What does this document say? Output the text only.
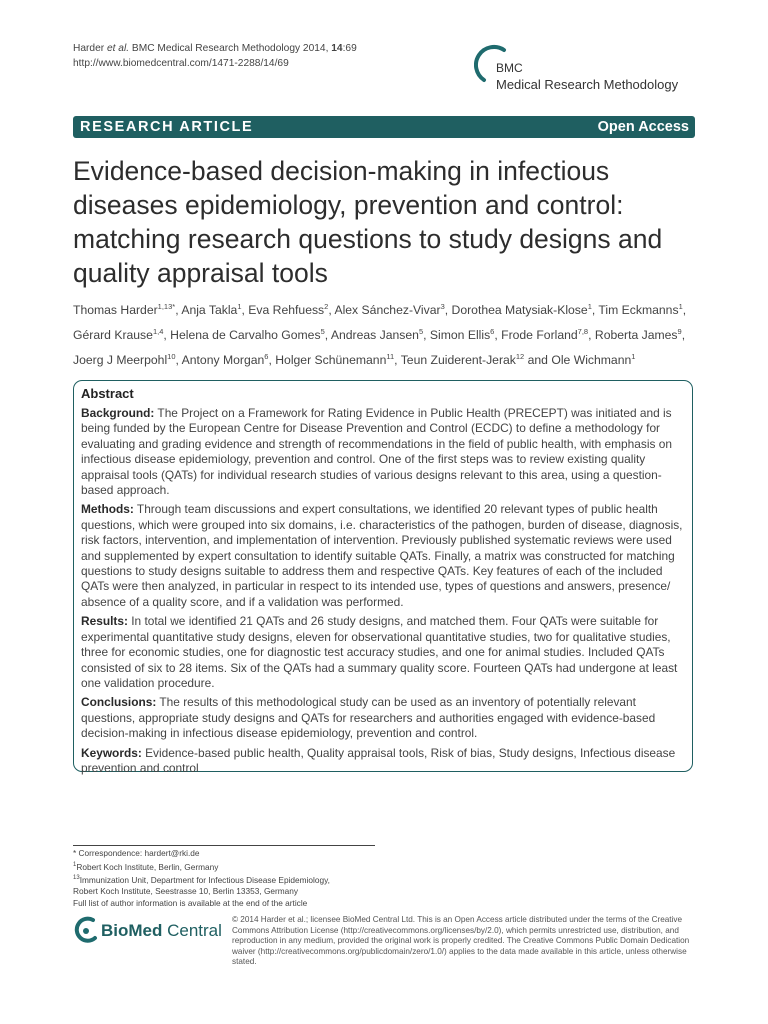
Harder et al. BMC Medical Research Methodology 2014, 14:69
http://www.biomedcentral.com/1471-2288/14/69	BMC
Medical Research Methodology
RESEARCH ARTICLE	Open Access
Evidence-based decision-making in infectious diseases epidemiology, prevention and control: matching research questions to study designs and quality appraisal tools
Thomas Harder$^{1,13*}$, Anja Takla$^1$, Eva Rehfuess$^2$, Alex Sánchez-Vivar$^3$, Dorothea Matysiak-Klose$^1$, Tim Eckmanns$^1$, Gérard Krause$^{1,4}$, Helena de Carvalho Gomes$^5$, Andreas Jansen$^5$, Simon Ellis$^6$, Frode Forland$^{7,8}$, Roberta James$^9$, Joerg J Meerpohl$^{10}$, Antony Morgan$^6$, Holger Schünemann$^{11}$, Teun Zuiderent-Jerak$^{12}$ and Ole Wichmann$^1$
Abstract

Background: The Project on a Framework for Rating Evidence in Public Health (PRECEPT) was initiated and is being funded by the European Centre for Disease Prevention and Control (ECDC) to define a methodology for evaluating and grading evidence and strength of recommendations in the field of public health, with emphasis on infectious disease epidemiology, prevention and control. One of the first steps was to review existing quality appraisal tools (QATs) for individual research studies of various designs relevant to this area, using a question-based approach.

Methods: Through team discussions and expert consultations, we identified 20 relevant types of public health questions, which were grouped into six domains, i.e. characteristics of the pathogen, burden of disease, diagnosis, risk factors, intervention, and implementation of intervention. Previously published systematic reviews were used and supplemented by expert consultation to identify suitable QATs. Finally, a matrix was constructed for matching questions to study designs suitable to address them and respective QATs. Key features of each of the included QATs were then analyzed, in particular in respect to its intended use, types of questions and answers, presence/ absence of a quality score, and if a validation was performed.

Results: In total we identified 21 QATs and 26 study designs, and matched them. Four QATs were suitable for experimental quantitative study designs, eleven for observational quantitative studies, two for qualitative studies, three for economic studies, one for diagnostic test accuracy studies, and one for animal studies. Included QATs consisted of six to 28 items. Six of the QATs had a summary quality score. Fourteen QATs had undergone at least one validation procedure.

Conclusions: The results of this methodological study can be used as an inventory of potentially relevant questions, appropriate study designs and QATs for researchers and authorities engaged with evidence-based decision-making in infectious disease epidemiology, prevention and control.

Keywords: Evidence-based public health, Quality appraisal tools, Risk of bias, Study designs, Infectious disease prevention and control

* Correspondence: hardert@rki.de
$^1$Robert Koch Institute, Berlin, Germany
$^{13}$Immunization Unit, Department for Infectious Disease Epidemiology,
Robert Koch Institute, Seestrasse 10, Berlin 13353, Germany
Full list of author information is available at the end of the article
BioMed Central
© 2014 Harder et al.; licensee BioMed Central Ltd. This is an Open Access article distributed under the terms of the Creative Commons Attribution License (http://creativecommons.org/licenses/by/2.0), which permits unrestricted use, distribution, and reproduction in any medium, provided the original work is properly credited. The Creative Commons Public Domain Dedication waiver (http://creativecommons.org/publicdomain/zero/1.0/) applies to the data made available in this article, unless otherwise stated.
